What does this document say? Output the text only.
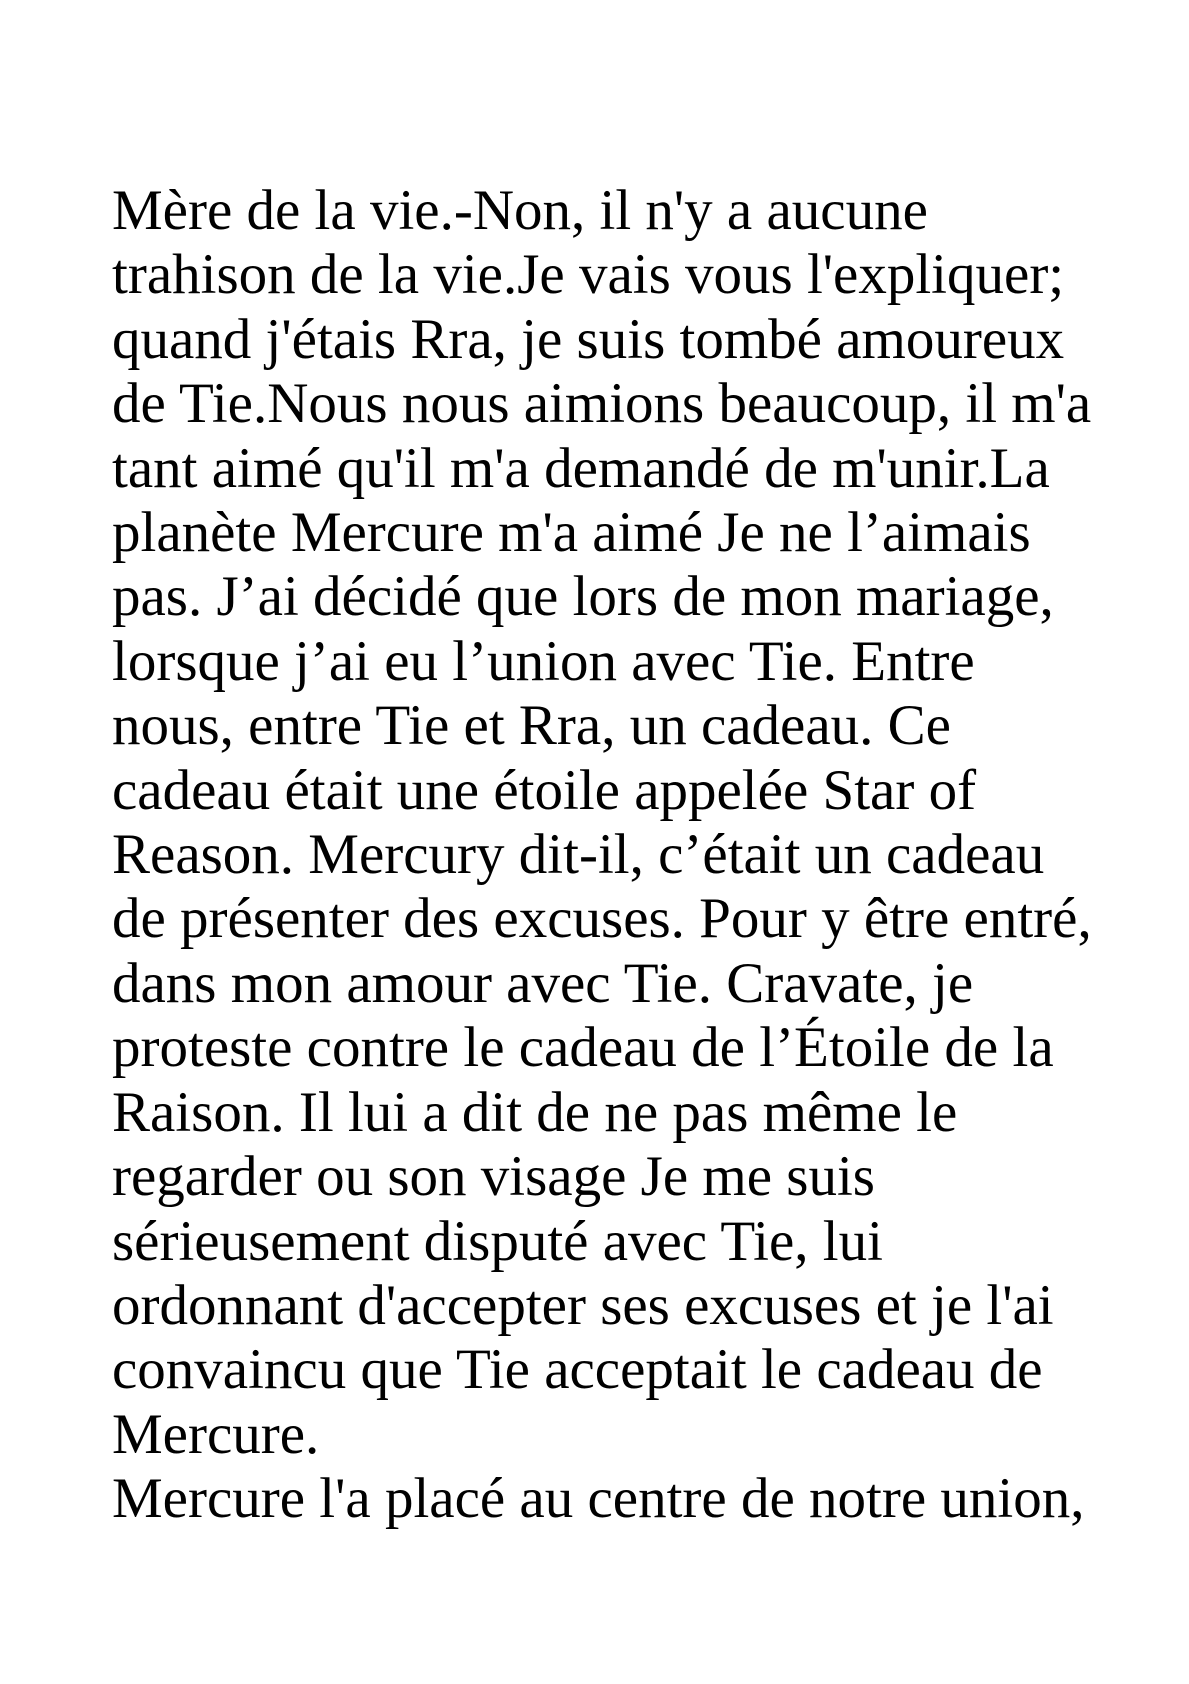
Mère de la vie.-Non, il n'y a aucune
trahison de la vie.Je vais vous l'expliquer;
quand j'étais Rra, je suis tombé amoureux
de Tie.Nous nous aimions beaucoup, il m'a
tant aimé qu'il m'a demandé de m'unir.La
planète Mercure m'a aimé Je ne l’aimais
pas. J’ai décidé que lors de mon mariage,
lorsque j’ai eu l’union avec Tie. Entre
nous, entre Tie et Rra, un cadeau. Ce
cadeau était une étoile appelée Star of
Reason. Mercury dit-il, c’était un cadeau
de présenter des excuses. Pour y être entré,
dans mon amour avec Tie. Cravate, je
proteste contre le cadeau de l’Étoile de la
Raison. Il lui a dit de ne pas même le
regarder ou son visage Je me suis
sérieusement disputé avec Tie, lui
ordonnant d'accepter ses excuses et je l'ai
convaincu que Tie acceptait le cadeau de
Mercure.
Mercure l'a placé au centre de notre union,
